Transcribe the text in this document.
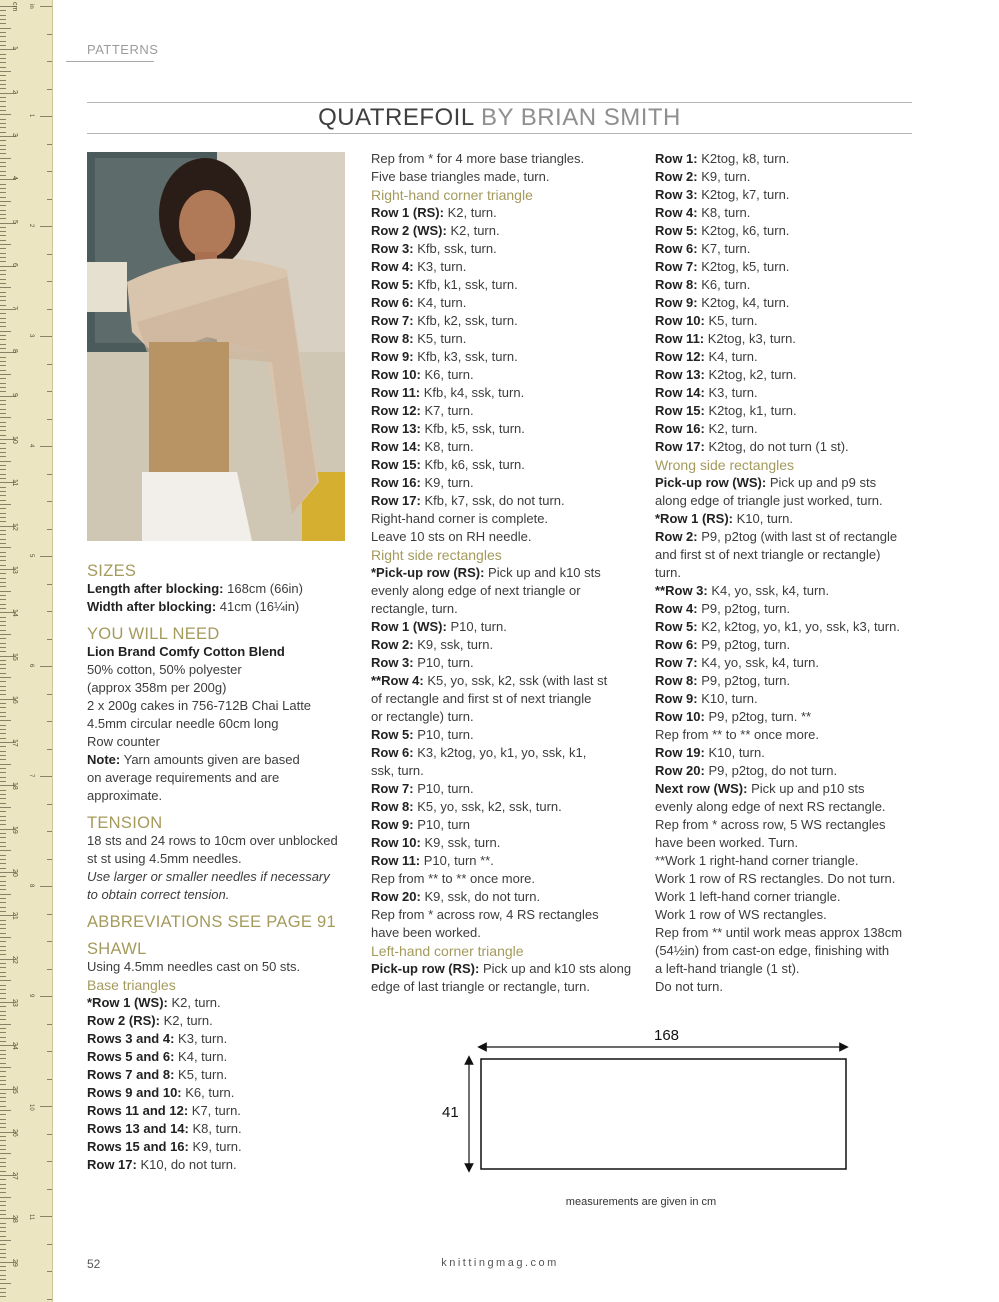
1
2
3
4
5
6
7
8
9
10
11
12
13
14
15
16
17
18
19
20
21
22
23
24
25
26
27
28
29
1
2
3
4
5
6
7
8
9
10
11
cm in
PATTERNS
QUATREFOIL BY BRIAN SMITH

SIZES

Length after blocking: 168cm (66in)

Width after blocking: 41cm (16¼in)

YOU WILL NEED

Lion Brand Comfy Cotton Blend

50% cotton, 50% polyester

(approx 358m per 200g)

2 x 200g cakes in 756-712B Chai Latte

4.5mm circular needle 60cm long

Row counter

Note: Yarn amounts given are based

on average requirements and are

approximate.

TENSION

18 sts and 24 rows to 10cm over unblocked

st st using 4.5mm needles.

Use larger or smaller needles if necessary

to obtain correct tension.

ABBREVIATIONS SEE PAGE 91

SHAWL

Using 4.5mm needles cast on 50 sts.

Base triangles

*Row 1 (WS): K2, turn.

Row 2 (RS): K2, turn.

Rows 3 and 4: K3, turn.

Rows 5 and 6: K4, turn.

Rows 7 and 8: K5, turn.

Rows 9 and 10: K6, turn.

Rows 11 and 12: K7, turn.

Rows 13 and 14: K8, turn.

Rows 15 and 16: K9, turn.

Row 17: K10, do not turn.

Rep from * for 4 more base triangles.

Five base triangles made, turn.

Right-hand corner triangle

Row 1 (RS): K2, turn.

Row 2 (WS): K2, turn.

Row 3: Kfb, ssk, turn.

Row 4: K3, turn.

Row 5: Kfb, k1, ssk, turn.

Row 6: K4, turn.

Row 7: Kfb, k2, ssk, turn.

Row 8: K5, turn.

Row 9: Kfb, k3, ssk, turn.

Row 10: K6, turn.

Row 11: Kfb, k4, ssk, turn.

Row 12: K7, turn.

Row 13: Kfb, k5, ssk, turn.

Row 14: K8, turn.

Row 15: Kfb, k6, ssk, turn.

Row 16: K9, turn.

Row 17: Kfb, k7, ssk, do not turn.

Right-hand corner is complete.

Leave 10 sts on RH needle.

Right side rectangles

*Pick-up row (RS): Pick up and k10 sts

evenly along edge of next triangle or

rectangle, turn.

Row 1 (WS): P10, turn.

Row 2: K9, ssk, turn.

Row 3: P10, turn.

**Row 4: K5, yo, ssk, k2, ssk (with last st

of rectangle and first st of next triangle

or rectangle) turn.

Row 5: P10, turn.

Row 6: K3, k2tog, yo, k1, yo, ssk, k1,

ssk, turn.

Row 7: P10, turn.

Row 8: K5, yo, ssk, k2, ssk, turn.

Row 9: P10, turn

Row 10: K9, ssk, turn.

Row 11: P10, turn **.

Rep from ** to ** once more.

Row 20: K9, ssk, do not turn.

Rep from * across row, 4 RS rectangles

have been worked.

Left-hand corner triangle

Pick-up row (RS): Pick up and k10 sts along

edge of last triangle or rectangle, turn.

Row 1: K2tog, k8, turn.

Row 2: K9, turn.

Row 3: K2tog, k7, turn.

Row 4: K8, turn.

Row 5: K2tog, k6, turn.

Row 6: K7, turn.

Row 7: K2tog, k5, turn.

Row 8: K6, turn.

Row 9: K2tog, k4, turn.

Row 10: K5, turn.

Row 11: K2tog, k3, turn.

Row 12: K4, turn.

Row 13: K2tog, k2, turn.

Row 14: K3, turn.

Row 15: K2tog, k1, turn.

Row 16: K2, turn.

Row 17: K2tog, do not turn (1 st).

Wrong side rectangles

Pick-up row (WS): Pick up and p9 sts

along edge of triangle just worked, turn.

*Row 1 (RS): K10, turn.

Row 2: P9, p2tog (with last st of rectangle

and first st of next triangle or rectangle)

turn.

**Row 3: K4, yo, ssk, k4, turn.

Row 4: P9, p2tog, turn.

Row 5: K2, k2tog, yo, k1, yo, ssk, k3, turn.

Row 6: P9, p2tog, turn.

Row 7: K4, yo, ssk, k4, turn.

Row 8: P9, p2tog, turn.

Row 9: K10, turn.

Row 10: P9, p2tog, turn. **

Rep from ** to ** once more.

Row 19: K10, turn.

Row 20: P9, p2tog, do not turn.

Next row (WS): Pick up and p10 sts

evenly along edge of next RS rectangle.

Rep from * across row, 5 WS rectangles

have been worked. Turn.

**Work 1 right-hand corner triangle.

Work 1 row of RS rectangles. Do not turn.

Work 1 left-hand corner triangle.

Work 1 row of WS rectangles.

Rep from ** until work meas approx 138cm

(54½in) from cast-on edge, finishing with

a left-hand triangle (1 st).

Do not turn.

168
41
measurements are given in cm
52	knittingmag.com
